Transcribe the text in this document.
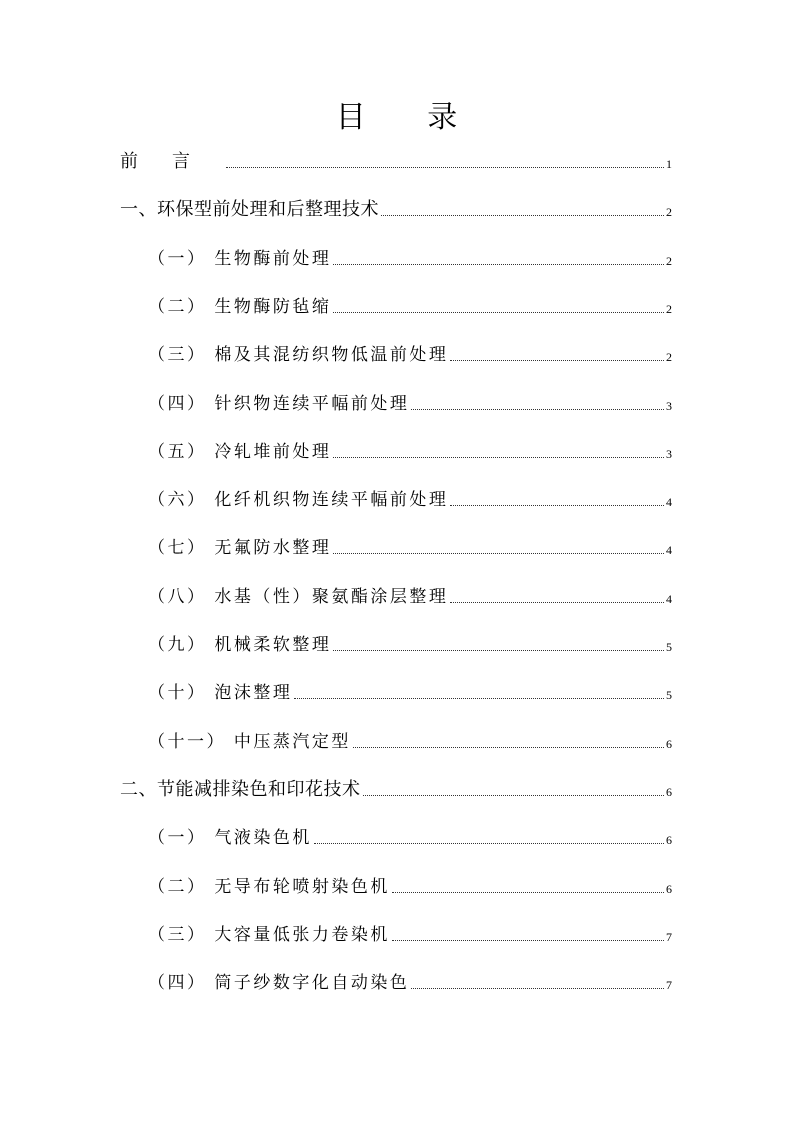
目 录
前言	1
一、环保型前处理和后整理技术	2
（一） 生物酶前处理	2
（二） 生物酶防毡缩	2
（三） 棉及其混纺织物低温前处理	2
（四） 针织物连续平幅前处理	3
（五） 冷轧堆前处理	3
（六） 化纤机织物连续平幅前处理	4
（七） 无氟防水整理	4
（八） 水基（性）聚氨酯涂层整理	4
（九） 机械柔软整理	5
（十） 泡沫整理	5
（十一） 中压蒸汽定型	6
二、节能减排染色和印花技术	6
（一） 气液染色机	6
（二） 无导布轮喷射染色机	6
（三） 大容量低张力卷染机	7
（四） 筒子纱数字化自动染色	7
